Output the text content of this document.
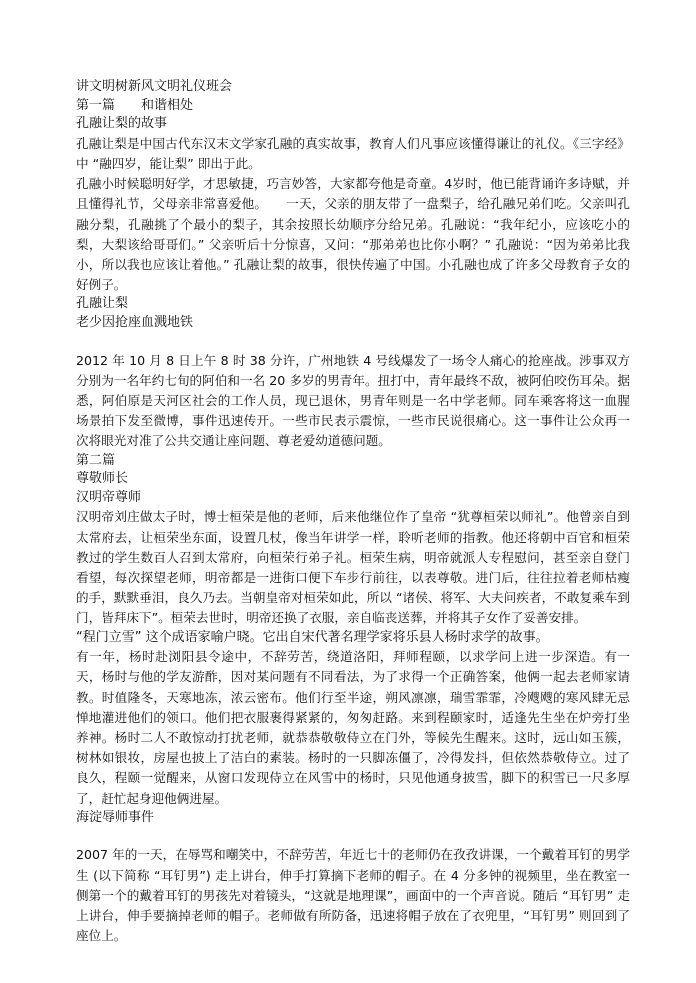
讲文明树新风文明礼仪班会

第一篇　　和谐相处

孔融让梨的故事

孔融让梨是中国古代东汉末文学家孔融的真实故事，教育人们凡事应该懂得谦让的礼仪。《三字经》中 “融四岁，能让梨” 即出于此。

孔融小时候聪明好学，才思敏捷，巧言妙答，大家都夸他是奇童。4岁时，他已能背诵许多诗赋，并且懂得礼节，父母亲非常喜爱他。　　一天，父亲的朋友带了一盘梨子，给孔融兄弟们吃。父亲叫孔融分梨，孔融挑了个最小的梨子，其余按照长幼顺序分给兄弟。孔融说：“我年纪小，应该吃小的梨，大梨该给哥哥们。” 父亲听后十分惊喜，又问：“那弟弟也比你小啊？” 孔融说：“因为弟弟比我小，所以我也应该让着他。” 孔融让梨的故事，很快传遍了中国。小孔融也成了许多父母教育子女的好例子。

孔融让梨

老少因抢座血溅地铁

2012 年 10 月 8 日上午 8 时 38 分许，广州地铁 4 号线爆发了一场令人痛心的抢座战。涉事双方分别为一名年约七旬的阿伯和一名 20 多岁的男青年。扭打中，青年最终不敌，被阿伯咬伤耳朵。据悉，阿伯原是天河区社会的工作人员，现已退休，男青年则是一名中学老师。同车乘客将这一血腥场景拍下发至微博，事件迅速传开。一些市民表示震惊，一些市民说很痛心。这一事件让公众再一次将眼光对准了公共交通让座问题、尊老爱幼道德问题。

第二篇

尊敬师长

汉明帝尊师

汉明帝刘庄做太子时，博士桓荣是他的老师，后来他继位作了皇帝 “犹尊桓荣以师礼”。他曾亲自到太常府去，让桓荣坐东面，设置几杖，像当年讲学一样，聆听老师的指教。他还将朝中百官和桓荣教过的学生数百人召到太常府，向桓荣行弟子礼。桓荣生病，明帝就派人专程慰问，甚至亲自登门看望，每次探望老师，明帝都是一进街口便下车步行前往，以表尊敬。进门后，往往拉着老师枯瘦的手，默默垂泪，良久乃去。当朝皇帝对桓荣如此，所以 “诸侯、将军、大夫问疾者，不敢复乘车到门，皆拜床下”。桓荣去世时，明帝还换了衣服，亲自临丧送葬，并将其子女作了妥善安排。

“程门立雪” 这个成语家喻户晓。它出自宋代著名理学家将乐县人杨时求学的故事。

有一年，杨时赴浏阳县令途中，不辞劳苦，绕道洛阳，拜师程颐，以求学问上进一步深造。有一天，杨时与他的学友游酢，因对某问题有不同看法，为了求得一个正确答案，他俩一起去老师家请教。时值隆冬，天寒地冻，浓云密布。他们行至半途，朔风凛凛，瑞雪霏霏，冷飕飕的寒风肆无忌惮地灌进他们的领口。他们把衣服裹得紧紧的，匆匆赶路。来到程颐家时，适逢先生坐在炉旁打坐养神。杨时二人不敢惊动打扰老师，就恭恭敬敬侍立在门外，等候先生醒来。这时，远山如玉簇，树林如银妆，房屋也披上了洁白的素装。杨时的一只脚冻僵了，冷得发抖，但依然恭敬侍立。过了良久，程颐一觉醒来，从窗口发现侍立在风雪中的杨时，只见他通身披雪，脚下的积雪已一尺多厚了，赶忙起身迎他俩进屋。

海淀辱师事件

2007 年的一天，在辱骂和嘲笑中，不辞劳苦，年近七十的老师仍在孜孜讲课，一个戴着耳钉的男学生 (以下简称 “耳钉男”) 走上讲台，伸手打算摘下老师的帽子。在 4 分多钟的视频里，坐在教室一侧第一个的戴着耳钉的男孩先对着镜头，“这就是地理课”，画面中的一个声音说。随后 “耳钉男” 走上讲台，伸手要摘掉老师的帽子。老师做有所防备，迅速将帽子放在了衣兜里，“耳钉男” 则回到了座位上。
